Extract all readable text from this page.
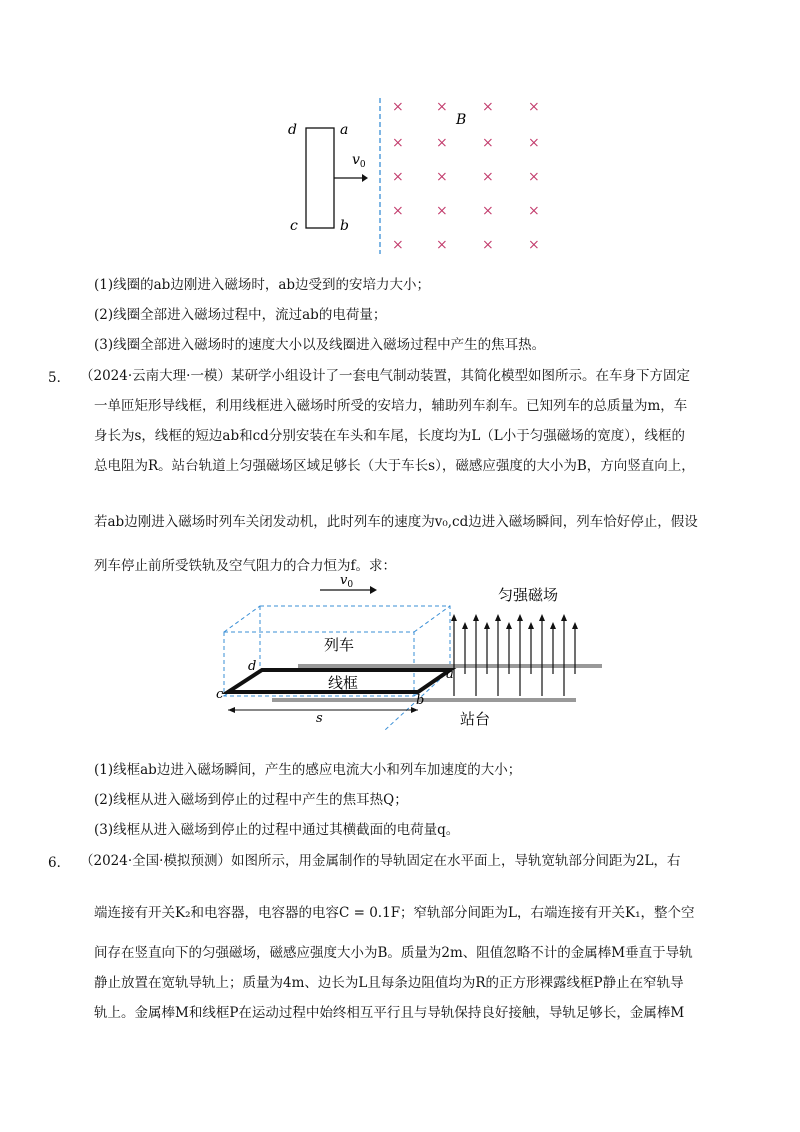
d	a
c	b
$v_0$
B
× × × ×
× × × ×
× × × ×
× × × ×
× × × ×
(1)线圈的ab边刚进入磁场时，ab边受到的安培力大小；
(2)线圈全部进入磁场过程中，流过ab的电荷量；
(3)线圈全部进入磁场时的速度大小以及线圈进入磁场过程中产生的焦耳热。
5． （2024·云南大理·一模）某研学小组设计了一套电气制动装置，其简化模型如图所示。在车身下方固定
一单匝矩形导线框，利用线框进入磁场时所受的安培力，辅助列车刹车。已知列车的总质量为m，车
身长为s，线框的短边ab和cd分别安装在车头和车尾，长度均为L（L小于匀强磁场的宽度），线框的
总电阻为R。站台轨道上匀强磁场区域足够长（大于车长s），磁感应强度的大小为B，方向竖直向上，
若ab边刚进入磁场时列车关闭发动机，此时列车的速度为v₀,cd边进入磁场瞬间，列车恰好停止，假设
列车停止前所受铁轨及空气阻力的合力恒为f。求：
$v_0$
列车
线框
d
c
a
b
s
匀强磁场
站台
(1)线框ab边进入磁场瞬间，产生的感应电流大小和列车加速度的大小；
(2)线框从进入磁场到停止的过程中产生的焦耳热Q；
(3)线框从进入磁场到停止的过程中通过其横截面的电荷量q。
6． （2024·全国·模拟预测）如图所示，用金属制作的导轨固定在水平面上，导轨宽轨部分间距为2L，右
端连接有开关K₂和电容器，电容器的电容C = 0.1F；窄轨部分间距为L，右端连接有开关K₁，整个空
间存在竖直向下的匀强磁场，磁感应强度大小为B。质量为2m、阻值忽略不计的金属棒M垂直于导轨
静止放置在宽轨导轨上；质量为4m、边长为L且每条边阻值均为R的正方形裸露线框P静止在窄轨导
轨上。金属棒M和线框P在运动过程中始终相互平行且与导轨保持良好接触，导轨足够长，金属棒M
